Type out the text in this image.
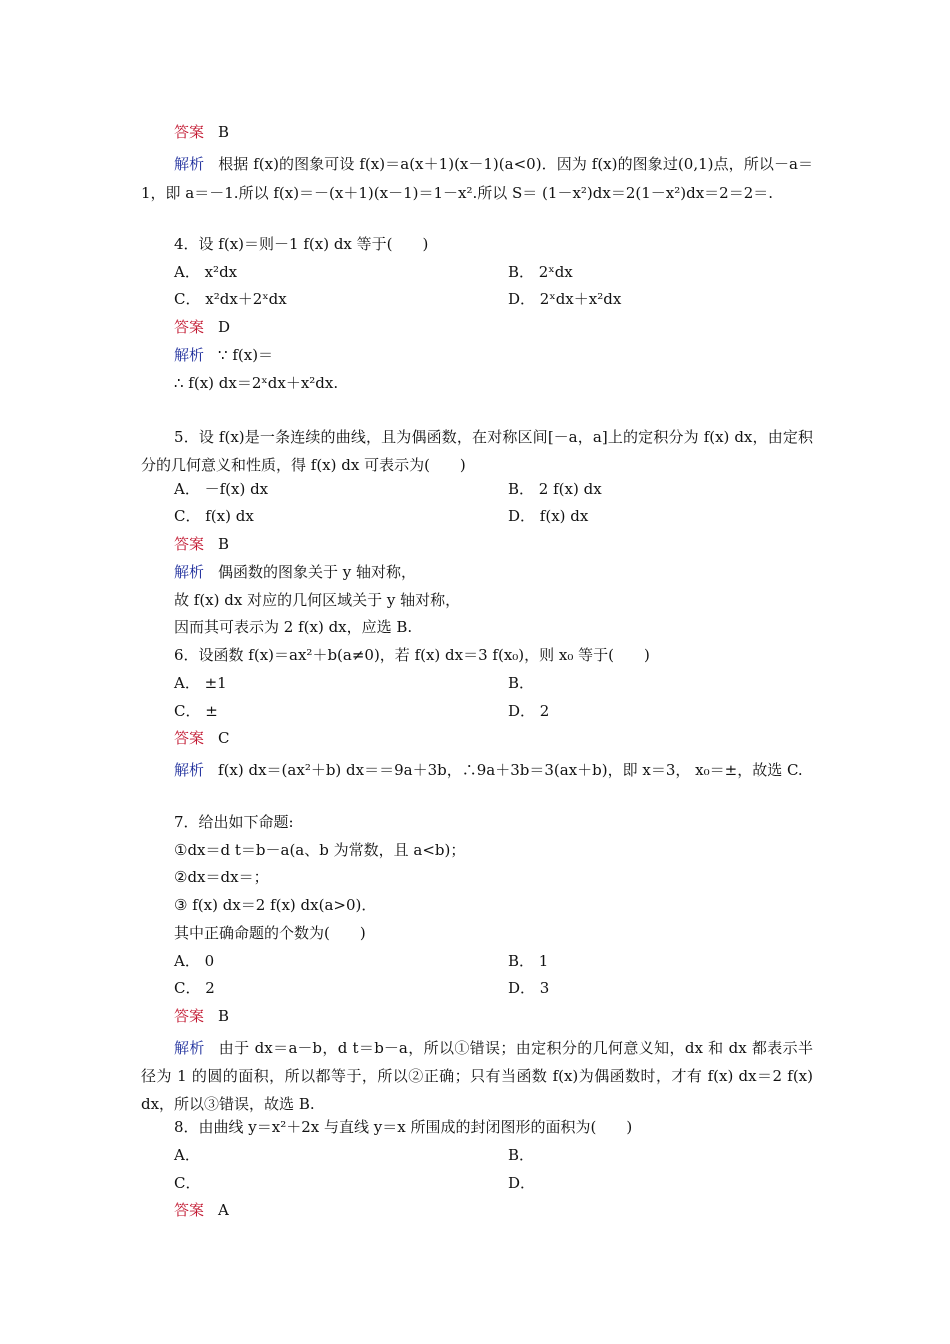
答案 B

解析 根据 f(x)的图象可设 f(x)＝a(x＋1)(x－1)(a<0)．因为 f(x)的图象过(0,1)点，所以－a＝1，即 a＝－1.所以 f(x)＝－(x＋1)(x－1)＝1－x².所以 S＝ (1－x²)dx＝2(1－x²)dx＝2＝2＝.

4．设 f(x)＝则－1 f(x) dx 等于(　　)
A． x²dx	B． 2ˣdx
C． x²dx＋2ˣdx	D． 2ˣdx＋x²dx
答案 D
解析 ∵ f(x)＝
∴ f(x) dx＝2ˣdx＋x²dx.

5．设 f(x)是一条连续的曲线，且为偶函数，在对称区间[－a，a]上的定积分为 f(x) dx，由定积分的几何意义和性质，得 f(x) dx 可表示为(　　)

A． －f(x) dx	B． 2 f(x) dx
C． f(x) dx	D． f(x) dx
答案 B
解析 偶函数的图象关于 y 轴对称，
故 f(x) dx 对应的几何区域关于 y 轴对称，
因而其可表示为 2 f(x) dx，应选 B.
6．设函数 f(x)＝ax²＋b(a≠0)，若 f(x) dx＝3 f(x₀)，则 x₀ 等于(　　)
A． ±1	B．
C． ±	D． 2
答案 C

解析 f(x) dx＝(ax²＋b) dx＝＝9a＋3b，∴9a＋3b＝3(ax＋b)，即 x＝3， x₀＝±，故选 C.

7．给出如下命题:
①dx＝d t＝b－a(a、b 为常数，且 a<b)；
②dx＝dx＝；
③ f(x) dx＝2 f(x) dx(a>0)．
其中正确命题的个数为(　　)
A． 0	B． 1
C． 2	D． 3
答案 B

解析 由于 dx＝a－b，d t＝b－a，所以①错误；由定积分的几何意义知，dx 和 dx 都表示半径为 1 的圆的面积，所以都等于，所以②正确；只有当函数 f(x)为偶函数时，才有 f(x) dx＝2 f(x) dx，所以③错误，故选 B.

8．由曲线 y＝x²＋2x 与直线 y＝x 所围成的封闭图形的面积为(　　)
A．	B．
C．	D．
答案 A
